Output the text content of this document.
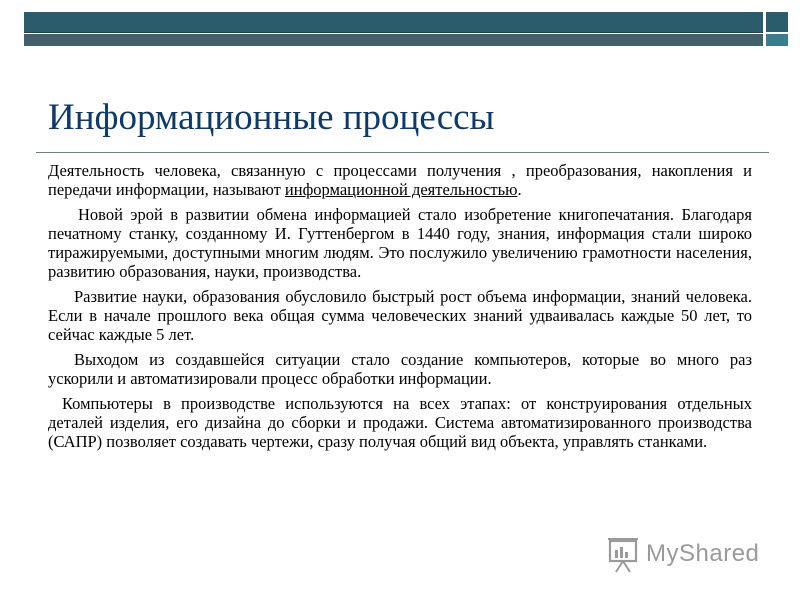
Информационные процессы

Деятельность человека, связанную с процессами получения , преобразования, накопления и передачи информации, называют информационной деятельностью.

Новой эрой в развитии обмена информацией стало изобретение книгопечатания. Благодаря печатному станку, созданному И. Гуттенбергом в 1440 году, знания, информация стали широко тиражируемыми, доступными многим людям. Это послужило увеличению грамотности населения, развитию образования, науки, производства.

Развитие науки, образования обусловило быстрый рост объема информации, знаний человека. Если в начале прошлого века общая сумма человеческих знаний удваивалась каждые 50 лет, то сейчас каждые 5 лет.

Выходом из создавшейся ситуации стало создание компьютеров, которые во много раз ускорили и автоматизировали процесс обработки информации.

Компьютеры в производстве используются на всех этапах: от конструирования отдельных деталей изделия, его дизайна до сборки и продажи. Система автоматизированного производства (САПР) позволяет создавать чертежи, сразу получая общий вид объекта, управлять станками.

MyShared
